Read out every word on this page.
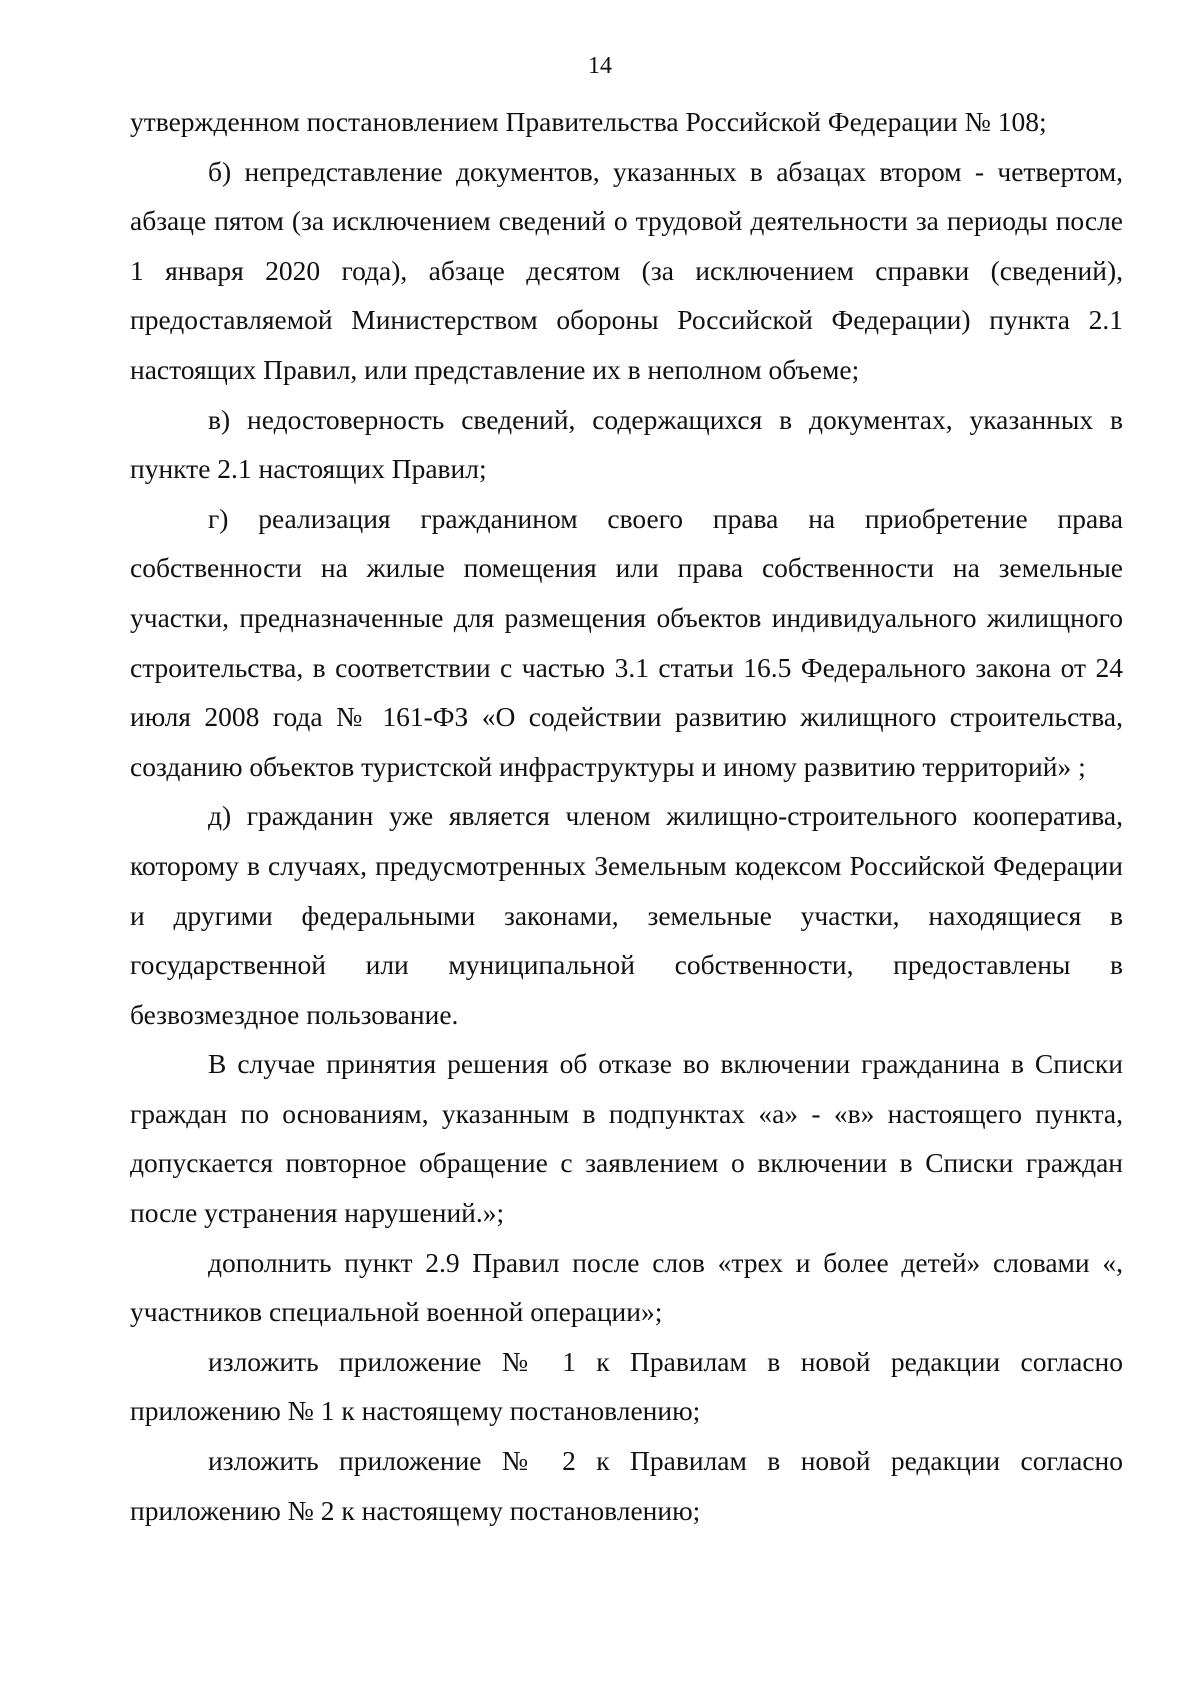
14

утвержденном постановлением Правительства Российской Федерации № 108;

б) непредставление документов, указанных в абзацах втором - четвертом, абзаце пятом (за исключением сведений о трудовой деятельности за периоды после 1 января 2020 года), абзаце десятом (за исключением справки (сведений), предоставляемой Министерством обороны Российской Федерации) пункта 2.1 настоящих Правил, или представление их в неполном объеме;

в) недостоверность сведений, содержащихся в документах, указанных в пункте 2.1 настоящих Правил;

г) реализация гражданином своего права на приобретение права собственности на жилые помещения или права собственности на земельные участки, предназначенные для размещения объектов индивидуального жилищного строительства, в соответствии с частью 3.1 статьи 16.5 Федерального закона от 24 июля 2008 года № 161-ФЗ «О содействии развитию жилищного строительства, созданию объектов туристской инфраструктуры и иному развитию территорий» ;

д) гражданин уже является членом жилищно-строительного кооператива, которому в случаях, предусмотренных Земельным кодексом Российской Федерации и другими федеральными законами, земельные участки, находящиеся в государственной или муниципальной собственности, предоставлены в безвозмездное пользование.

В случае принятия решения об отказе во включении гражданина в Списки граждан по основаниям, указанным в подпунктах «а» - «в» настоящего пункта, допускается повторное обращение с заявлением о включении в Списки граждан после устранения нарушений.»;

дополнить пункт 2.9 Правил после слов «трех и более детей» словами «, участников специальной военной операции»;

изложить приложение № 1 к Правилам в новой редакции согласно приложению № 1 к настоящему постановлению;

изложить приложение № 2 к Правилам в новой редакции согласно приложению № 2 к настоящему постановлению;
